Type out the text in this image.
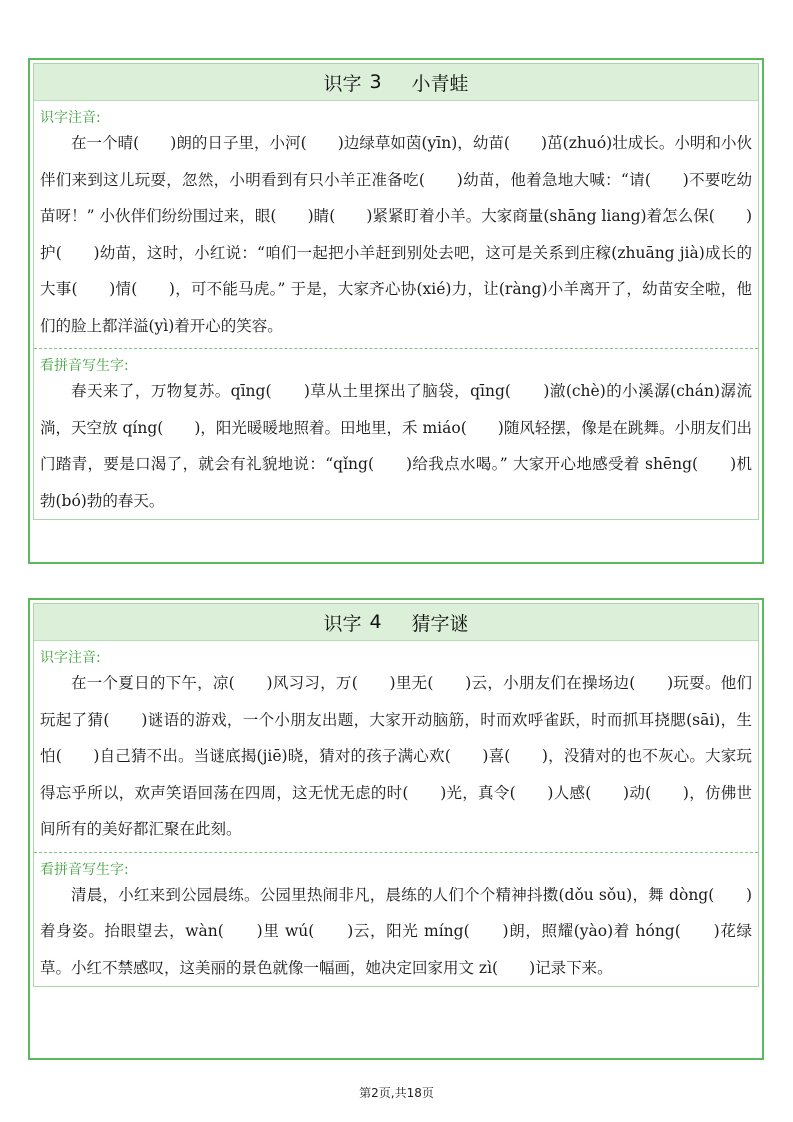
识字 3 小青蛙
识字注音:

在一个晴(　　)朗的日子里，小河(　　)边绿草如茵(yīn)，幼苗(　　)茁(zhuó)壮成长。小明和小伙伴们来到这儿玩耍，忽然，小明看到有只小羊正准备吃(　　)幼苗，他着急地大喊：“请(　　)不要吃幼苗呀！” 小伙伴们纷纷围过来，眼(　　)睛(　　)紧紧盯着小羊。大家商量(shāng liang)着怎么保(　　)护(　　)幼苗，这时，小红说：“咱们一起把小羊赶到别处去吧，这可是关系到庄稼(zhuāng jià)成长的大事(　　)情(　　)，可不能马虎。” 于是，大家齐心协(xié)力，让(ràng)小羊离开了，幼苗安全啦，他们的脸上都洋溢(yì)着开心的笑容。

看拼音写生字:

春天来了，万物复苏。qīng(　　)草从土里探出了脑袋，qīng(　　)澈(chè)的小溪潺(chán)潺流淌，天空放 qíng(　　)，阳光暖暖地照着。田地里，禾 miáo(　　)随风轻摆，像是在跳舞。小朋友们出门踏青，要是口渴了，就会有礼貌地说：“qǐng(　　)给我点水喝。” 大家开心地感受着 shēng(　　)机勃(bó)勃的春天。

识字 4 猜字谜
识字注音:

在一个夏日的下午，凉(　　)风习习，万(　　)里无(　　)云，小朋友们在操场边(　　)玩耍。他们玩起了猜(　　)谜语的游戏，一个小朋友出题，大家开动脑筋，时而欢呼雀跃，时而抓耳挠腮(sāi)，生怕(　　)自己猜不出。当谜底揭(jiē)晓，猜对的孩子满心欢(　　)喜(　　)，没猜对的也不灰心。大家玩得忘乎所以，欢声笑语回荡在四周，这无忧无虑的时(　　)光，真令(　　)人感(　　)动(　　)，仿佛世间所有的美好都汇聚在此刻。

看拼音写生字:

清晨，小红来到公园晨练。公园里热闹非凡，晨练的人们个个精神抖擞(dǒu sǒu)，舞 dòng(　　)着身姿。抬眼望去，wàn(　　)里 wú(　　)云，阳光 míng(　　)朗，照耀(yào)着 hóng(　　)花绿草。小红不禁感叹，这美丽的景色就像一幅画，她决定回家用文 zì(　　)记录下来。

第2页,共18页
